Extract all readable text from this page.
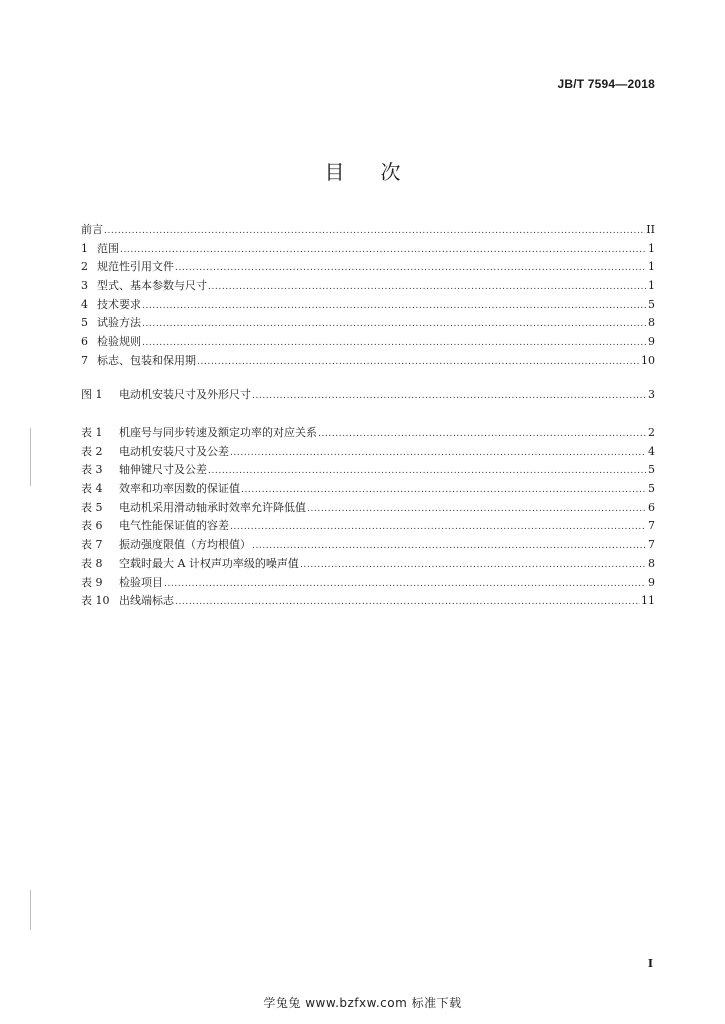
JB/T 7594—2018
目 次
前言 .....	II
1 范围 .....	1
2 规范性引用文件 .....	1
3 型式、基本参数与尺寸 .....	1
4 技术要求 .....	5
5 试验方法 .....	8
6 检验规则 .....	9
7 标志、包装和保用期 .....	10
图 1	电动机安装尺寸及外形尺寸 .....	3
表 1	机座号与同步转速及额定功率的对应关系 .....	2
表 2	电动机安装尺寸及公差 .....	4
表 3	轴伸键尺寸及公差 .....	5
表 4	效率和功率因数的保证值 .....	5
表 5	电动机采用滑动轴承时效率允许降低值 .....	6
表 6	电气性能保证值的容差 .....	7
表 7	振动强度限值（方均根值） .....	7
表 8	空载时最大 A 计权声功率级的噪声值 .....	8
表 9	检验项目 .....	9
表 10 出线端标志 .....	11
I
学兔兔 www.bzfxw.com 标准下载
